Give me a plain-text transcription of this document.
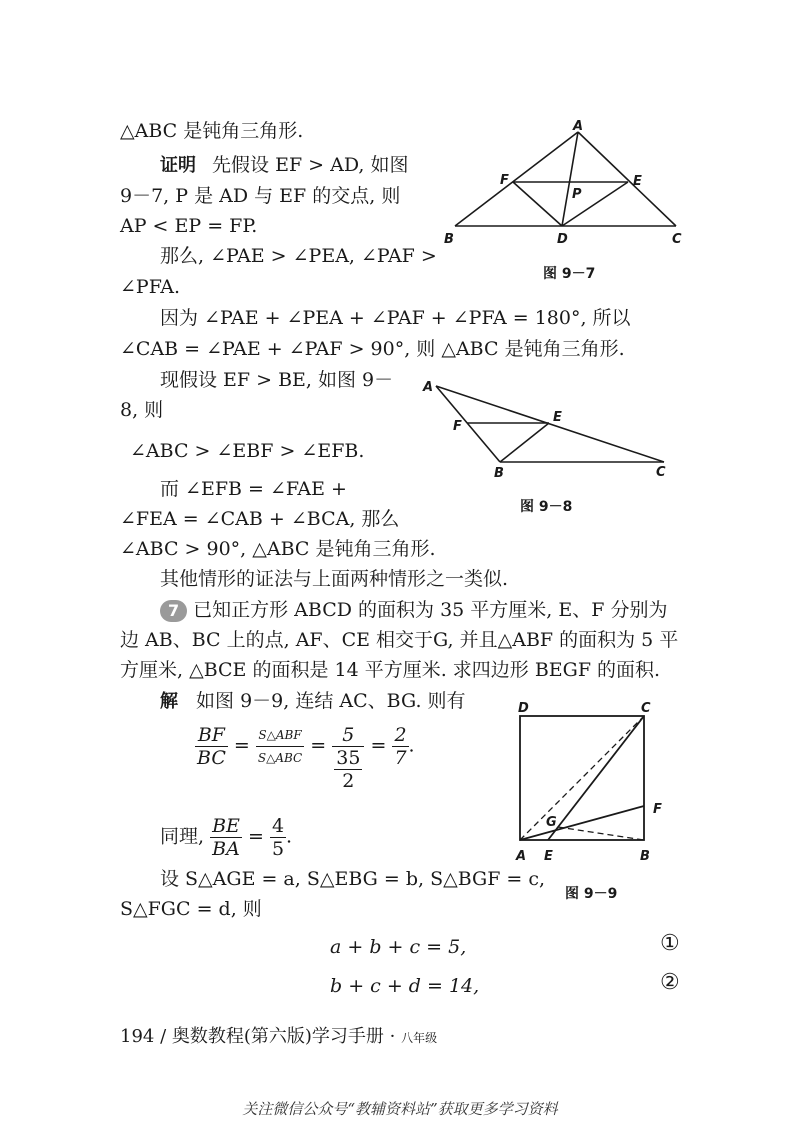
△ABC 是钝角三角形.
证明 先假设 EF > AD, 如图
9－7, P 是 AD 与 EF 的交点, 则
AP < EP = FP.
那么, ∠PAE > ∠PEA, ∠PAF >
∠PFA.
因为 ∠PAE + ∠PEA + ∠PAF + ∠PFA = 180°, 所以
∠CAB = ∠PAE + ∠PAF > 90°, 则 △ABC 是钝角三角形.
现假设 EF > BE, 如图 9－
8, 则
∠ABC > ∠EBF > ∠EFB.
而 ∠EFB = ∠FAE +
∠FEA = ∠CAB + ∠BCA, 那么
∠ABC > 90°, △ABC 是钝角三角形.
其他情形的证法与上面两种情形之一类似.
7 已知正方形 ABCD 的面积为 35 平方厘米, E、F 分别为
边 AB、BC 上的点, AF、CE 相交于G, 并且△ABF 的面积为 5 平
方厘米, △BCE 的面积是 14 平方厘米. 求四边形 BEGF 的面积.
解 如图 9－9, 连结 AC、BG. 则有
$\frac{BF}{BC} = \frac{\text{S△ABF}}{\text{S△ABC}} = \frac{5}{\frac{35}{2}} = \frac{2}{7}$ .
同理, $\frac{BE}{BA} = \frac{4}{5}$ .
设 S△AGE = a, S△EBG = b, S△BGF = c,
S△FGC = d, 则
a + b + c = 5,	①
b + c + d = 14,	②
A
B	C
D
E
F
P
图 9－7
A
B	C
E
F
图 9－8
D	C
F
G
A E	B
图 9－9
194 / 奥数教程(第六版)学习手册 · 八年级
关注微信公众号“教辅资料站”获取更多学习资料
